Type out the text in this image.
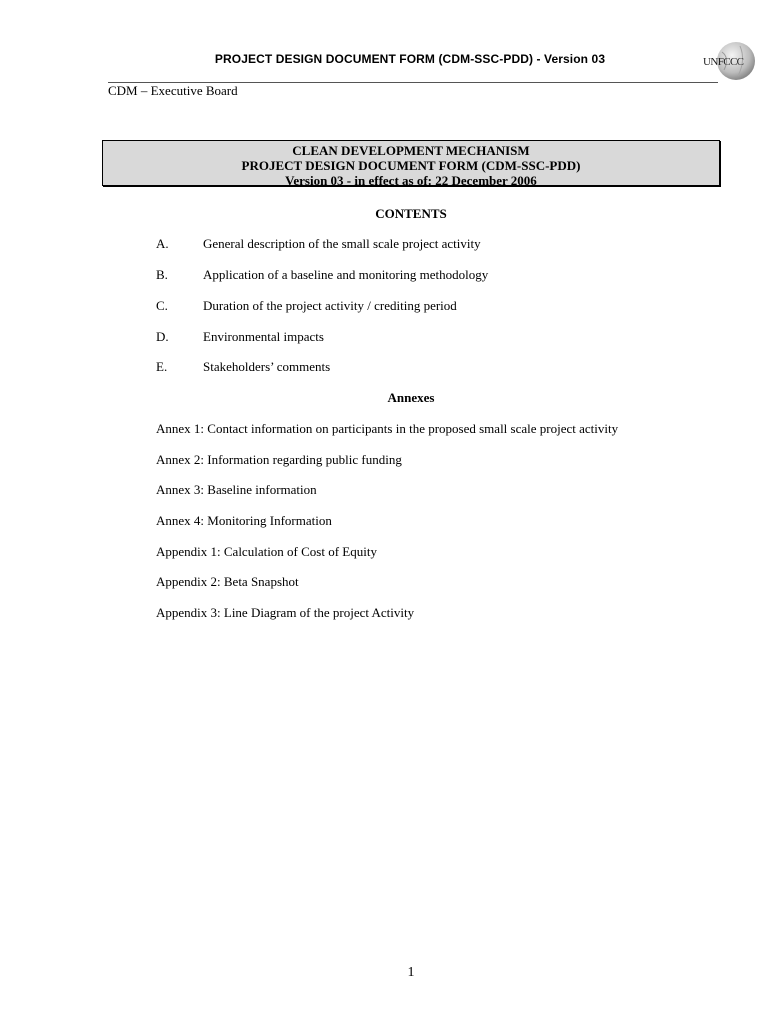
PROJECT DESIGN DOCUMENT FORM (CDM-SSC-PDD) - Version 03	UNFCCC
CDM – Executive Board
CLEAN DEVELOPMENT MECHANISM
PROJECT DESIGN DOCUMENT FORM (CDM-SSC-PDD)
Version 03 - in effect as of: 22 December 2006
CONTENTS
A.	General description of the small scale project activity
B.	Application of a baseline and monitoring methodology
C.	Duration of the project activity / crediting period
D.	Environmental impacts
E.	Stakeholders’ comments
Annexes
Annex 1: Contact information on participants in the proposed small scale project activity
Annex 2: Information regarding public funding
Annex 3: Baseline information
Annex 4: Monitoring Information
Appendix 1: Calculation of Cost of Equity
Appendix 2: Beta Snapshot
Appendix 3: Line Diagram of the project Activity
1
